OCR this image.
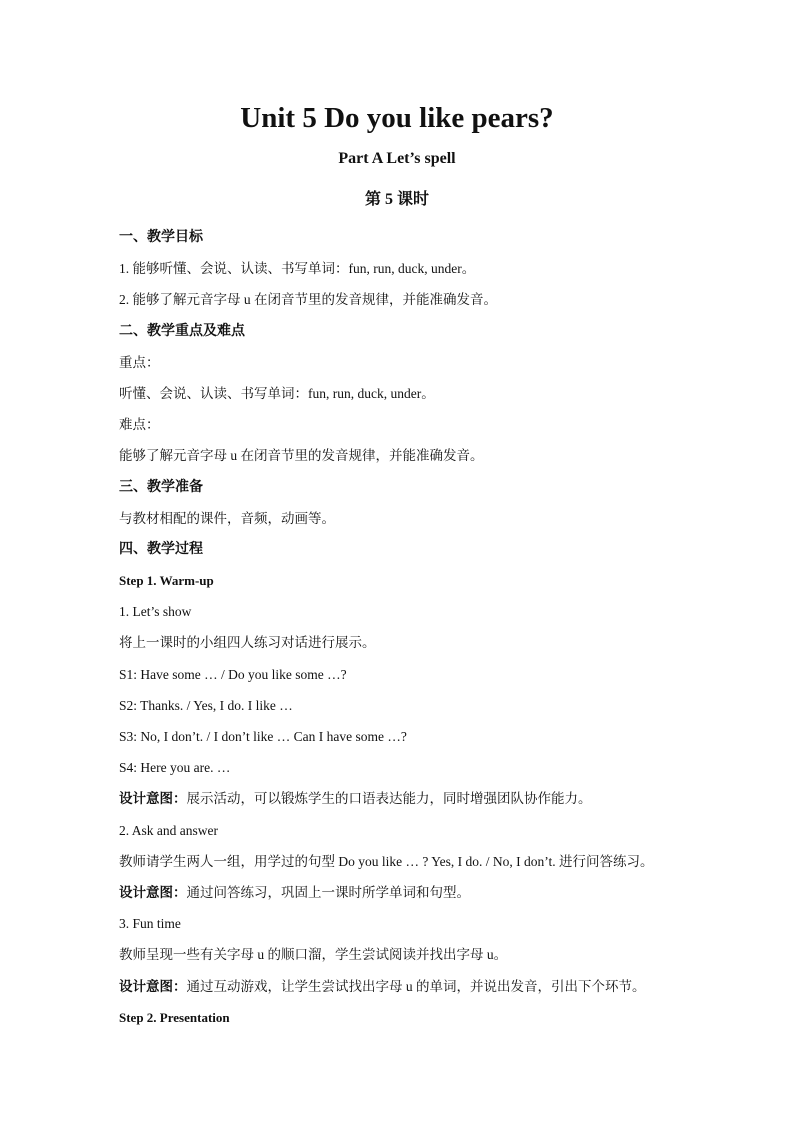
Unit 5 Do you like pears?
Part A Let’s spell
第 5 课时
一、教学目标
1. 能够听懂、会说、认读、书写单词：fun, run, duck, under。
2. 能够了解元音字母 u 在闭音节里的发音规律，并能准确发音。
二、教学重点及难点
重点：
听懂、会说、认读、书写单词：fun, run, duck, under。
难点：
能够了解元音字母 u 在闭音节里的发音规律，并能准确发音。
三、教学准备
与教材相配的课件，音频，动画等。
四、教学过程
Step 1. Warm-up
1. Let’s show
将上一课时的小组四人练习对话进行展示。
S1: Have some … / Do you like some …?
S2: Thanks. / Yes, I do. I like …
S3: No, I don’t. / I don’t like … Can I have some …?
S4: Here you are. …
设计意图：展示活动，可以锻炼学生的口语表达能力，同时增强团队协作能力。
2. Ask and answer
教师请学生两人一组，用学过的句型 Do you like … ? Yes, I do. / No, I don’t. 进行问答练习。
设计意图：通过问答练习，巩固上一课时所学单词和句型。
3. Fun time
教师呈现一些有关字母 u 的顺口溜，学生尝试阅读并找出字母 u。
设计意图：通过互动游戏，让学生尝试找出字母 u 的单词，并说出发音，引出下个环节。
Step 2. Presentation
